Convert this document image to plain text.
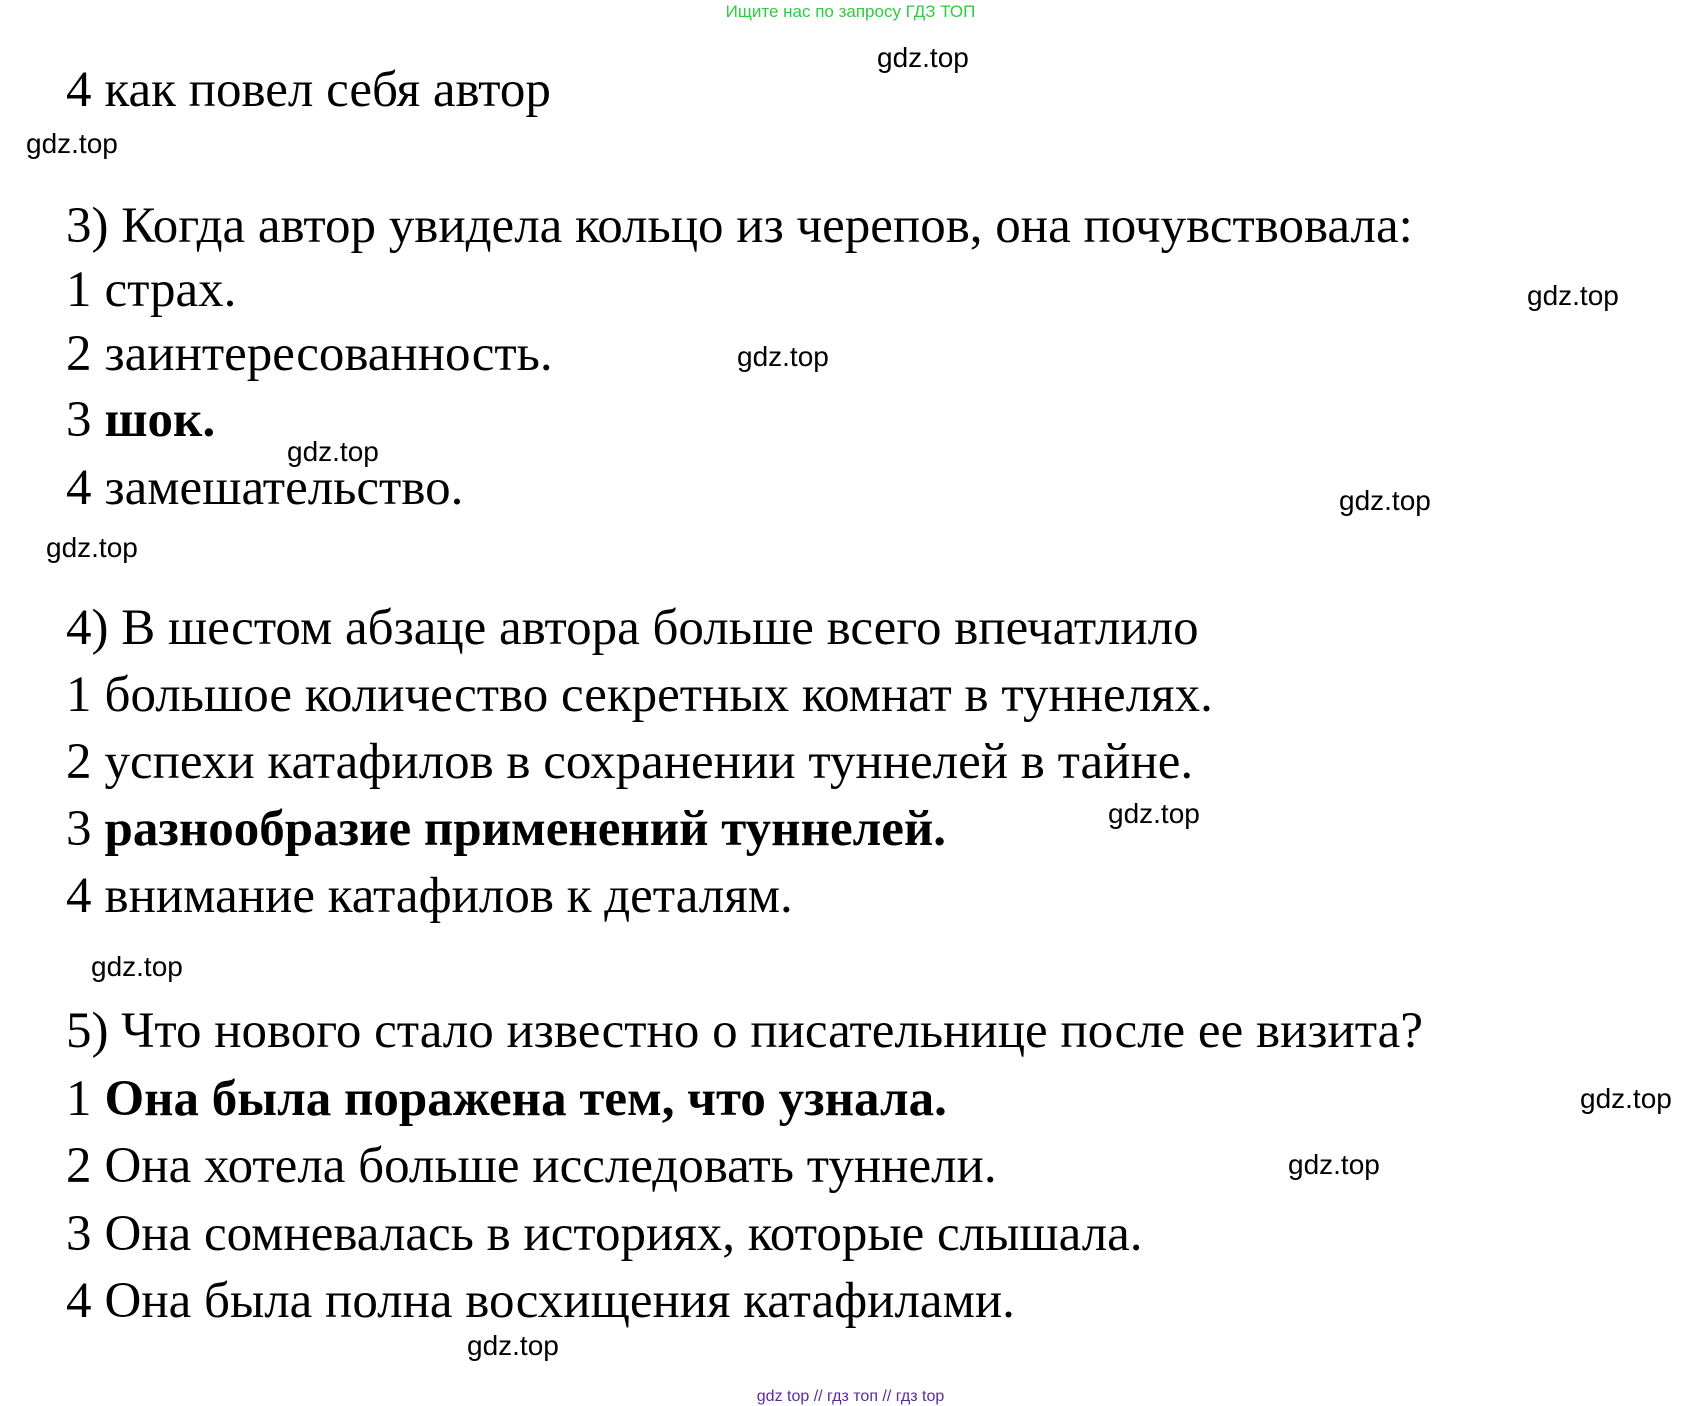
Ищите нас по запросу ГДЗ ТОП
4 как повел себя автор
3) Когда автор увидела кольцо из черепов, она почувствовала:
1 страх.
2 заинтересованность.
3 шок.
4 замешательство.
4) В шестом абзаце автора больше всего впечатлило
1 большое количество секретных комнат в туннелях.
2 успехи катафилов в сохранении туннелей в тайне.
3 разнообразие применений туннелей.
4 внимание катафилов к деталям.
5) Что нового стало известно о писательнице после ее визита?
1 Она была поражена тем, что узнала.
2 Она хотела больше исследовать туннели.
3 Она сомневалась в историях, которые слышала.
4 Она была полна восхищения катафилами.
gdz.top
gdz.top
gdz.top
gdz.top
gdz.top
gdz.top
gdz.top
gdz.top
gdz.top
gdz.top
gdz.top
gdz.top
gdz top // гдз топ // гдз top
